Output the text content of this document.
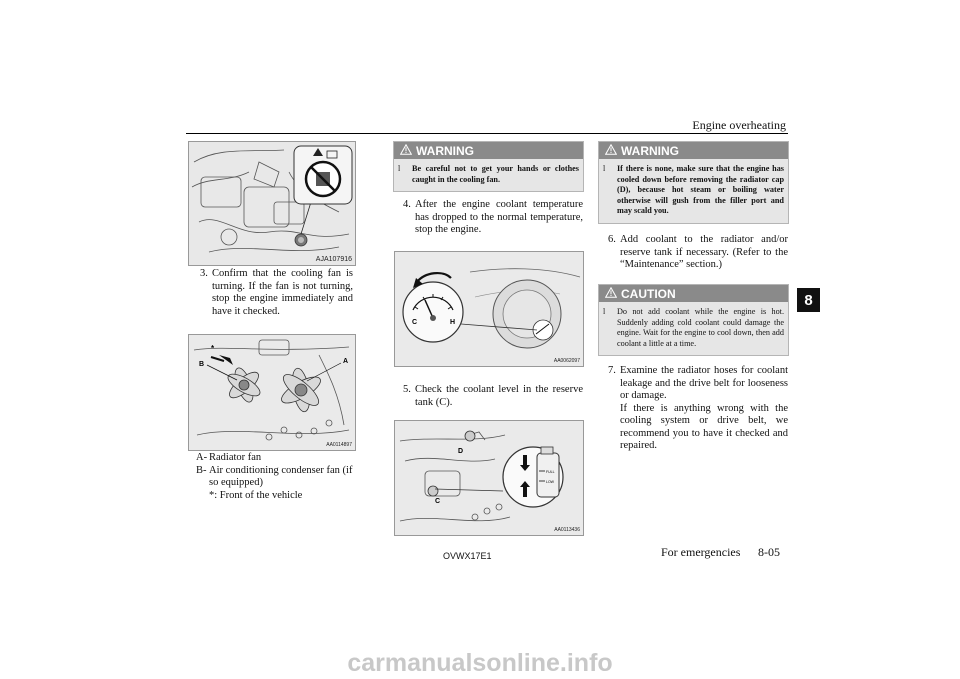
Engine overheating
8
AJA107916
3. Confirm that the cooling fan is turning. If the fan is not turning, stop the engine immediately and have it checked.
*
A
B
AA0114897
A- Radiator fan
B- Air conditioning condenser fan (if so equipped)
*: Front of the vehicle
WARNING
l	Be careful not to get your hands or clothes caught in the cooling fan.
4. After the engine coolant temperature has dropped to the normal temperature, stop the engine.
C	H
AA0062097
5. Check the coolant level in the reserve tank (C).
FULL
LOW
C
D
AA0113436
WARNING
l	If there is none, make sure that the engine has cooled down before removing the radiator cap (D), because hot steam or boiling water otherwise will gush from the filler port and may scald you.
6. Add coolant to the radiator and/or reserve tank if necessary. (Refer to the “Maintenance” section.)
CAUTION
l	Do not add coolant while the engine is hot. Suddenly adding cold coolant could damage the engine. Wait for the engine to cool down, then add coolant a little at a time.
7. Examine the radiator hoses for coolant leakage and the drive belt for looseness or damage.
If there is anything wrong with the cooling system or drive belt, we recommend you to have it checked and repaired.
OVWX17E1	For emergencies 8-05
carmanualsonline.info
